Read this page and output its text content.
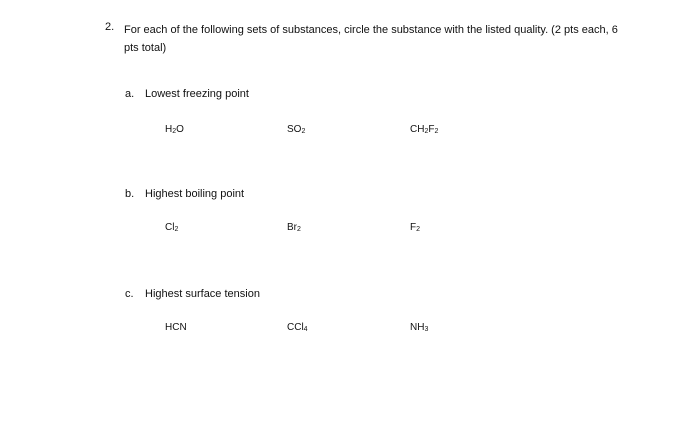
2. For each of the following sets of substances, circle the substance with the listed quality. (2 pts each, 6 pts total)
a. Lowest freezing point
$H_2O$	$SO_2$	$CH_2F_2$
b. Highest boiling point
$Cl_2$	$Br_2$	$F_2$
c. Highest surface tension
HCN	CCl$_4$	$NH_3$
